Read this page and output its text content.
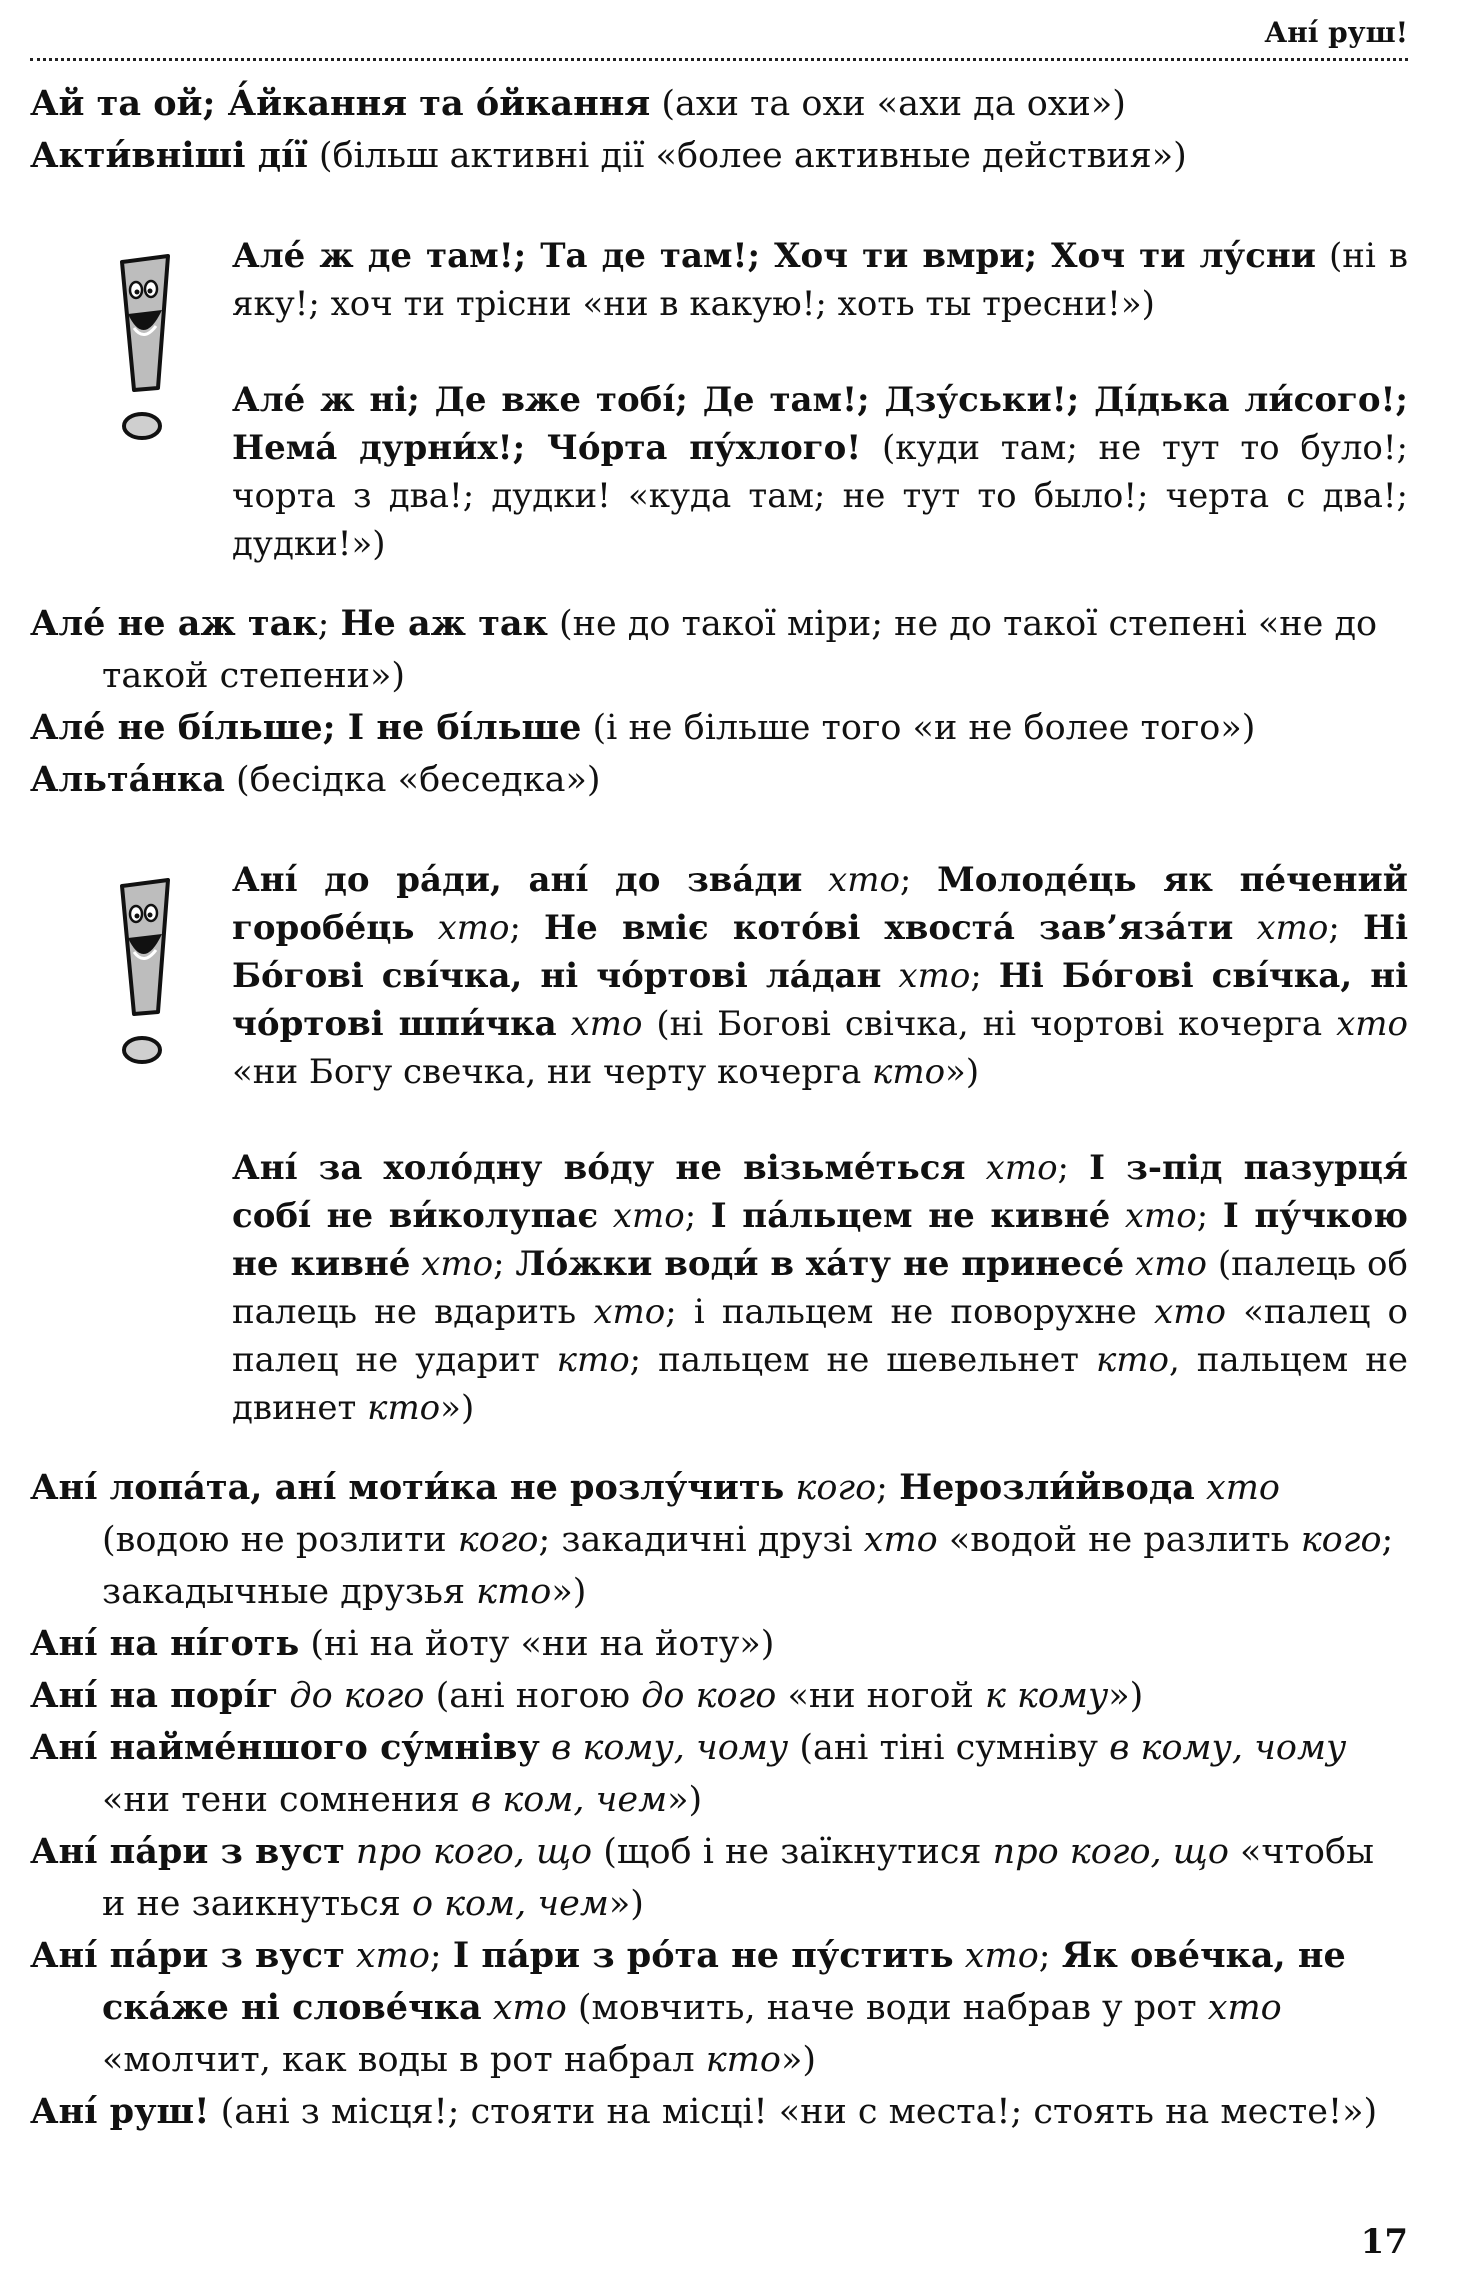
Ані́ руш!

Ай та ой; А́йкання та о́йкання (ахи та охи «ахи да охи»)

Акти́вніші ді́ї (більш активні дії «более активные действия»)

Але́ ж де там!; Та де там!; Хоч ти вмри; Хоч ти лу́сни (ні в яку!; хоч ти трісни «ни в какую!; хоть ты тресни!»)

Але́ ж ні; Де вже тобі́; Де там!; Дзу́ськи!; Ді́дька ли́сого!; Нема́ дурни́х!; Чо́рта пу́хлого! (куди там; не тут то було!; чорта з два!; дудки! «куда там; не тут то было!; черта с два!; дудки!»)

Але́ не аж так; Не аж так (не до такої міри; не до такої степені «не до такой степени»)

Але́ не бі́льше; І не бі́льше (і не більше того «и не более того»)

Альта́нка (бесідка «беседка»)

Ані́ до ра́ди, ані́ до зва́ди хто; Молоде́ць як пе́чений горобе́ць хто; Не вміє кото́ві хвоста́ зав’яза́ти хто; Ні Бо́гові сві́чка, ні чо́ртові ла́дан хто; Ні Бо́гові сві́чка, ні чо́ртові шпи́чка хто (ні Богові свічка, ні чортові кочерга хто «ни Богу свечка, ни черту кочерга кто»)

Ані́ за холо́дну во́ду не візьме́ться хто; І з-під пазурця́ собі́ не ви́колупає хто; І па́льцем не кивне́ хто; І пу́чкою не кивне́ хто; Ло́жки води́ в ха́ту не принесе́ хто (палець об палець не вдарить хто; і пальцем не поворухне хто «палец о палец не ударит кто; пальцем не шевельнет кто, пальцем не двинет кто»)

Ані́ лопа́та, ані́ моти́ка не розлу́чить кого; Нерозли́йвода хто (водою не розлити кого; закадичні друзі хто «водой не разлить кого; закадычные друзья кто»)

Ані́ на ні́готь (ні на йоту «ни на йоту»)

Ані́ на порі́г до кого (ані ногою до кого «ни ногой к кому»)

Ані́ найме́ншого су́мніву в кому, чому (ані тіні сумніву в кому, чому «ни тени сомнения в ком, чем»)

Ані́ па́ри з вуст про кого, що (щоб і не заїкнутися про кого, що «чтобы и не заикнуться о ком, чем»)

Ані́ па́ри з вуст хто; І па́ри з ро́та не пу́стить хто; Як ове́чка, не ска́же ні слове́чка хто (мовчить, наче води набрав у рот хто «молчит, как воды в рот набрал кто»)

Ані́ руш! (ані з місця!; стояти на місці! «ни с места!; стоять на месте!»)

17
